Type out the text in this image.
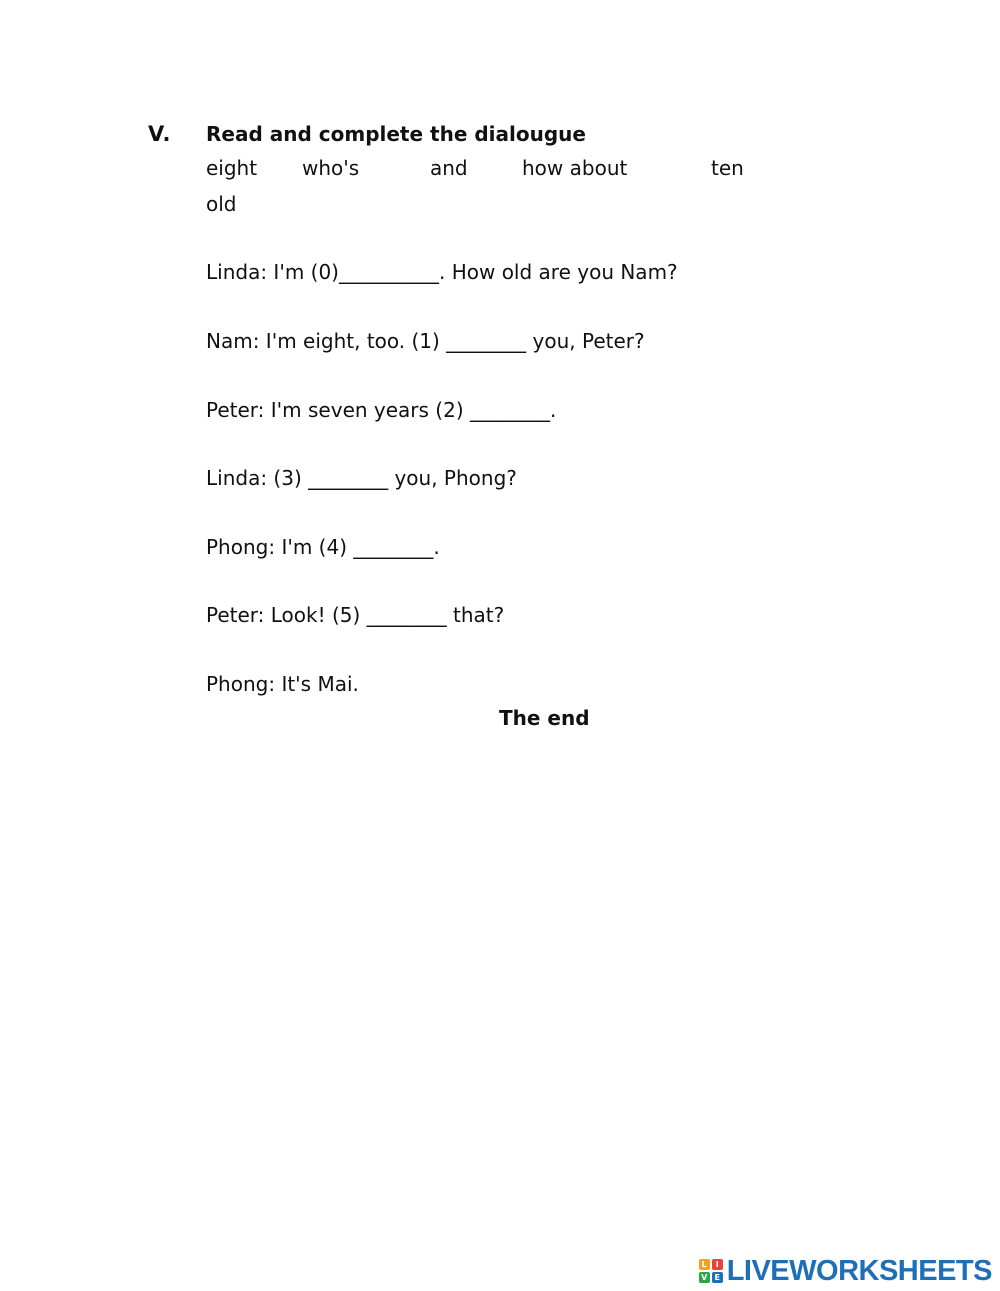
V. Read and complete the dialougue
eight who's	and	how about	ten
old
Linda: I'm (0)__________. How old are you Nam?
Nam: I'm eight, too. (1) ________ you, Peter?
Peter: I'm seven years (2) ________.
Linda: (3) ________ you, Phong?
Phong: I'm (4) ________.
Peter: Look! (5) ________ that?
Phong: It's Mai.
The end
L	I
V E LIVEWORKSHEETS
